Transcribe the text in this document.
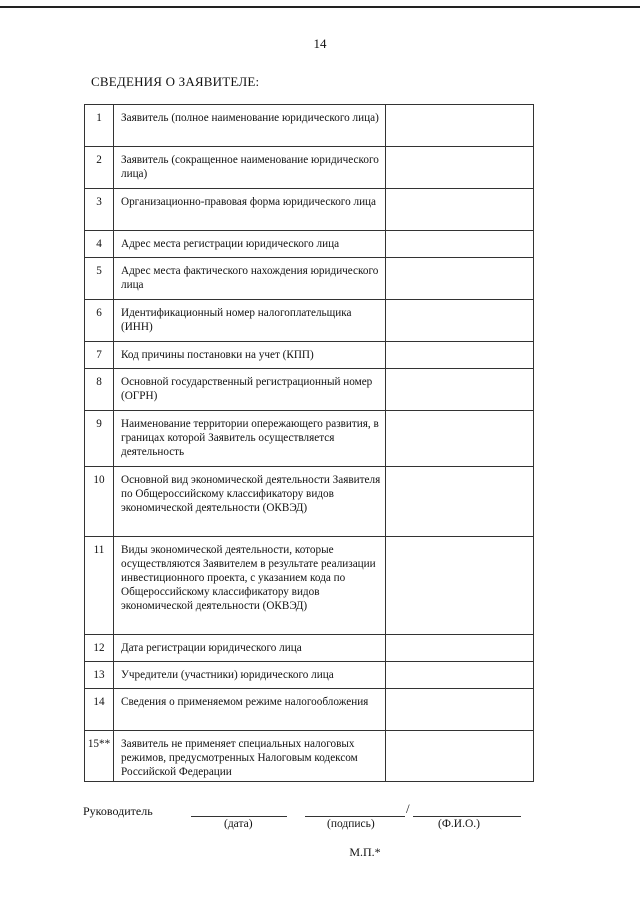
14
СВЕДЕНИЯ О ЗАЯВИТЕЛЕ:
1	Заявитель (полное наименование юридического лица)	
2	Заявитель (сокращенное наименование юридического лица)	
3	Организационно-правовая форма юридического лица	
4	Адрес места регистрации юридического лица	
5	Адрес места фактического нахождения юридического лица	
6	Идентификационный номер налогоплательщика (ИНН)	
7	Код причины постановки на учет (КПП)	
8	Основной государственный регистрационный номер (ОГРН)	
9	Наименование территории опережающего развития, в границах которой Заявитель осуществляется деятельность	
10	Основной вид экономической деятельности Заявителя по Общероссийскому классификатору видов экономической деятельности (ОКВЭД)	
11	Виды экономической деятельности, которые осуществляются Заявителем в результате реализации инвестиционного проекта, с указанием кода по Общероссийскому классификатору видов экономической деятельности (ОКВЭД)	
12	Дата регистрации юридического лица	
13	Учредители (участники) юридического лица	
14	Сведения о применяемом режиме налогообложения	
15**	Заявитель не применяет специальных налоговых режимов, предусмотренных Налоговым кодексом Российской Федерации	
Руководитель	/
(дата)	(подпись)	(Ф.И.О.)
М.П.*
